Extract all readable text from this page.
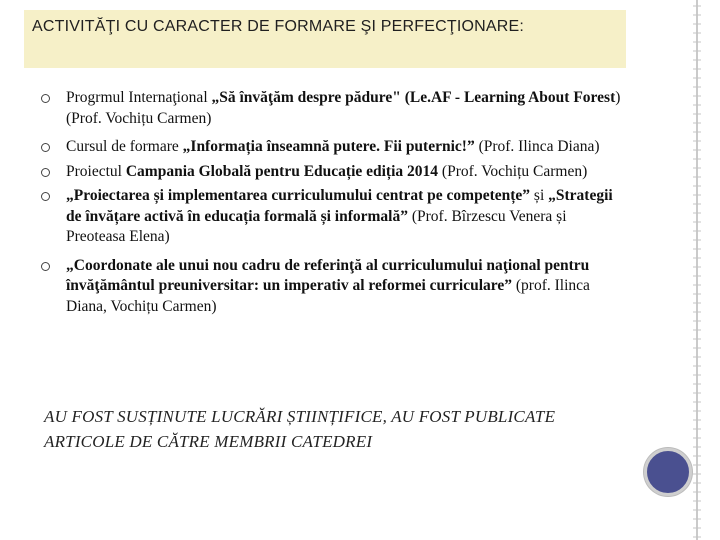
ACTIVITĂŢI CU CARACTER DE FORMARE ŞI PERFECŢIONARE:
Progrmul Internaţional „Să învăţăm despre pădure" (Le.AF - Learning About Forest) (Prof. Vochițu Carmen)
Cursul de formare „Informația înseamnă putere. Fii puternic!” (Prof. Ilinca Diana)
Proiectul Campania Globală pentru Educație ediția 2014 (Prof. Vochițu Carmen)
„Proiectarea și implementarea curriculumului centrat pe competențe” și „Strategii de învățare activă în educația formală și informală” (Prof. Bîrzescu Venera și Preoteasa Elena)
„Coordonate ale unui nou cadru de referinţă al curriculumului naţional pentru învăţământul preuniversitar: un imperativ al reformei curriculare” (prof. Ilinca Diana, Vochițu Carmen)
AU FOST SUSȚINUTE LUCRĂRI ȘTIINȚIFICE, AU FOST PUBLICATE ARTICOLE DE CĂTRE MEMBRII CATEDREI
